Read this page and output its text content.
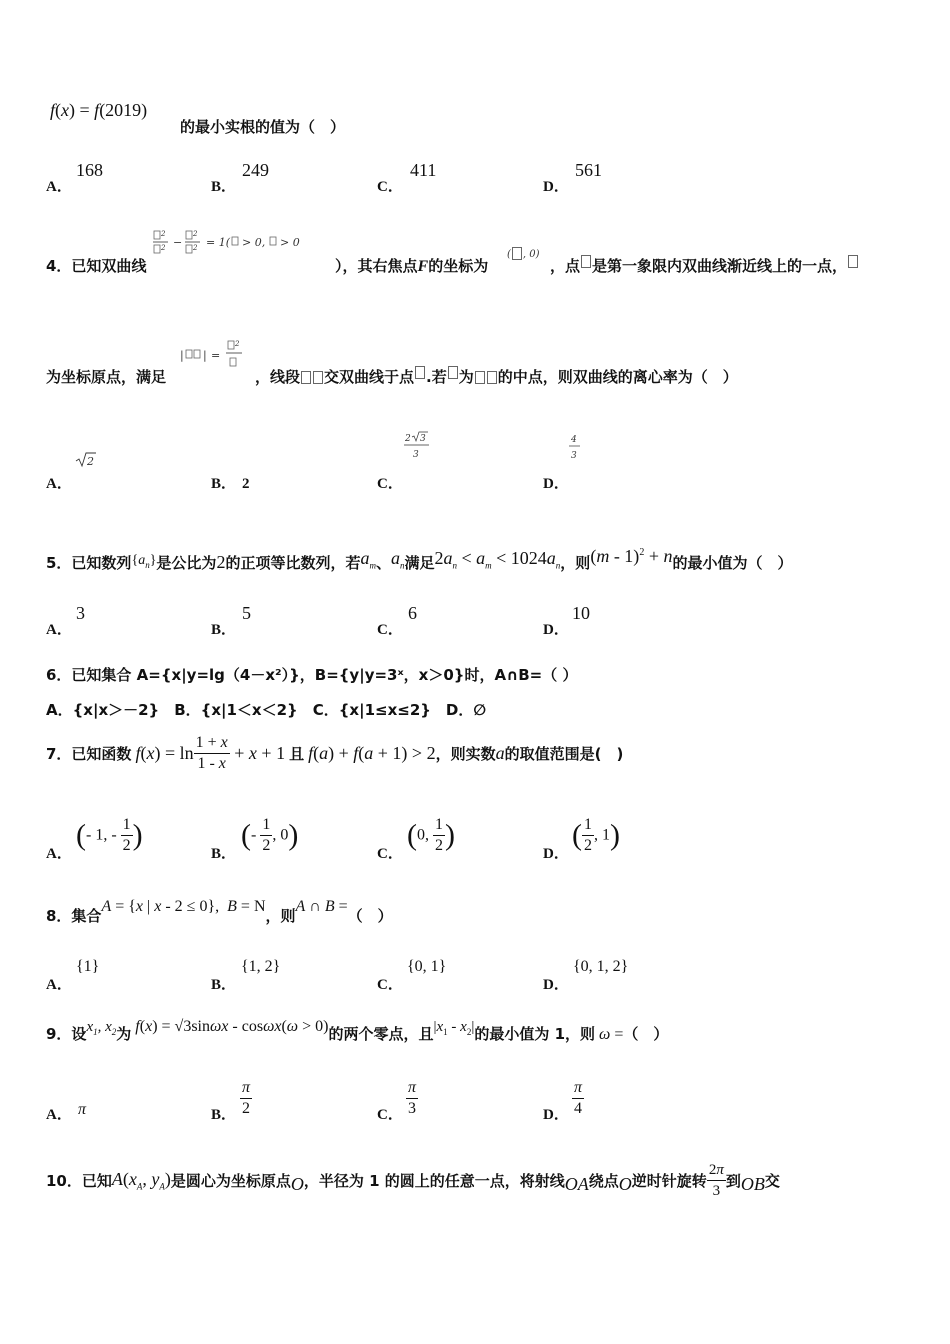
f(x) = f(2019)
的最小实根的值为（　）
A．
168
B．
249
C．
411
D．
561
4．已知双曲线
2
2 −
2
2 = 1( > 0, > 0
），其右焦点F的坐标为
( , 0)
，点 是第一象限内双曲线渐近线上的一点，
为坐标原点，满足
| | =
2
，线段 交双曲线于点 .若 为 的中点，则双曲线的离心率为（　）
A．
2
B． 2	C．
2 3
3
D．
4
3
5．已知数列$\{a_n\}$是公比为2的正项等比数列，若$a_m$、$a_n$满足$2a_n < a_m < 1024a_n$，则(m - 1)$^2$ + n的最小值为（　）
A．
3
B．
5
C．
6
D．
10
6．已知集合 A={x|y=lg（4－x²）}，B={y|y=3ˣ，x＞0}时，A∩B=（ ）
A．{x|x＞－2}　B．{x|1＜x＜2}　C．{x|1≤x≤2}　D．∅
7．已知函数 $f(x) = \ln \frac{1 + x}{1 - x} + x + 1$ 且 f(a) + f(a + 1) > 2，则实数a的取值范围是(　)
A．
(- 1, - $\frac{1}{2}$ )
B．
(- $\frac{1}{2}$ , 0)
C．
(0, $\frac{1}{2}$ )
D．
( $\frac{1}{2}$ , 1)
8．集合A = {x | x - 2 ≤ 0},  B = N，则A ∩ B =（　）
A．
{1}
B．
{1, 2}
C．
{0, 1}
D．
{0, 1, 2}
9．设$x_1$, $x_2$为 f(x) = √3sinωx - cosωx(ω > 0)的两个零点，且$|x_1 - x_2|$的最小值为 1，则 ω =（　）
A． π	B． $\frac{\pi}{2}$	C． $\frac{\pi}{3}$	D． $\frac{\pi}{4}$
10．已知$A(x_A$, $y_A$)是圆心为坐标原点O，半径为 1 的圆上的任意一点，将射线OA绕点O逆时针旋转 $\frac{2\pi}{3}$ 到OB交
